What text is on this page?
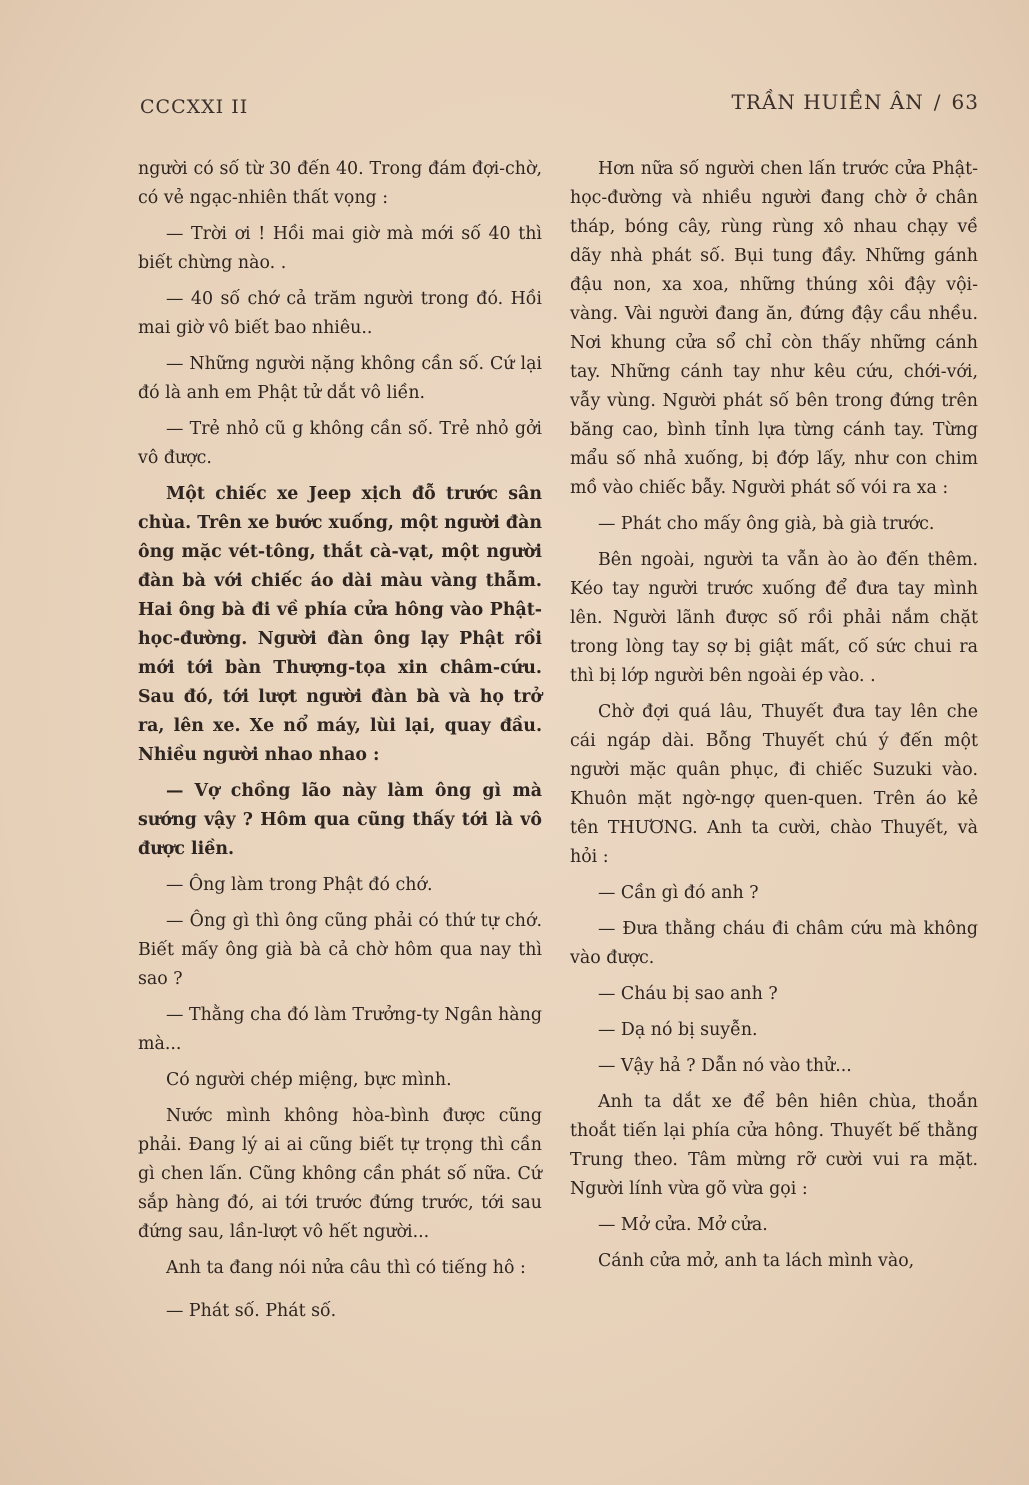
CCCXXI II	TRẦN HUIỀN ÂN / 63

người có số từ 30 đến 40. Trong đám đợi-chờ, có vẻ ngạc-nhiên thất vọng :

— Trời ơi ! Hồi mai giờ mà mới số 40 thì biết chừng nào. .

— 40 số chớ cả trăm người trong đó. Hồi mai giờ vô biết bao nhiêu..

— Những người nặng không cần số. Cứ lại đó là anh em Phật tử dắt vô liền.

— Trẻ nhỏ cũ g không cần số. Trẻ nhỏ gởi vô được.

Một chiếc xe Jeep xịch đỗ trước sân chùa. Trên xe bước xuống, một người đàn ông mặc vét-tông, thắt cà-vạt, một người đàn bà với chiếc áo dài màu vàng thẫm. Hai ông bà đi về phía cửa hông vào Phật-học-đường. Người đàn ông lạy Phật rồi mới tới bàn Thượng-tọa xin châm-cứu. Sau đó, tới lượt người đàn bà và họ trở ra, lên xe. Xe nổ máy, lùi lại, quay đầu. Nhiều người nhao nhao :

— Vợ chồng lão này làm ông gì mà sướng vậy ? Hôm qua cũng thấy tới là vô được liền.

— Ông làm trong Phật đó chớ.

— Ông gì thì ông cũng phải có thứ tự chớ. Biết mấy ông già bà cả chờ hôm qua nay thì sao ?

— Thằng cha đó làm Trưởng-ty Ngân hàng mà...

Có người chép miệng, bực mình.

Nước mình không hòa-bình được cũng phải. Đang lý ai ai cũng biết tự trọng thì cần gì chen lấn. Cũng không cần phát số nữa. Cứ sắp hàng đó, ai tới trước đứng trước, tới sau đứng sau, lần-lượt vô hết người...

Anh ta đang nói nửa câu thì có tiếng hô :

— Phát số. Phát số.

Hơn nữa số người chen lấn trước cửa Phật-học-đường và nhiều người đang chờ ở chân tháp, bóng cây, rùng rùng xô nhau chạy về dãy nhà phát số. Bụi tung đầy. Những gánh đậu non, xa xoa, những thúng xôi đậy vội-vàng. Vài người đang ăn, đứng đậy cầu nhều. Nơi khung cửa sổ chỉ còn thấy những cánh tay. Những cánh tay như kêu cứu, chới-với, vẫy vùng. Người phát số bên trong đứng trên băng cao, bình tỉnh lựa từng cánh tay. Từng mẩu số nhả xuống, bị đớp lấy, như con chim mồ vào chiếc bẫy. Người phát số vói ra xa :

— Phát cho mấy ông già, bà già trước.

Bên ngoài, người ta vẫn ào ào đến thêm. Kéo tay người trước xuống để đưa tay mình lên. Người lãnh được số rồi phải nắm chặt trong lòng tay sợ bị giật mất, cố sức chui ra thì bị lớp người bên ngoài ép vào. .

Chờ đợi quá lâu, Thuyết đưa tay lên che cái ngáp dài. Bỗng Thuyết chú ý đến một người mặc quân phục, đi chiếc Suzuki vào. Khuôn mặt ngờ-ngợ quen-quen. Trên áo kẻ tên THƯƠNG. Anh ta cười, chào Thuyết, và hỏi :

— Cần gì đó anh ?

— Đưa thằng cháu đi châm cứu mà không vào được.

— Cháu bị sao anh ?

— Dạ nó bị suyễn.

— Vậy hả ? Dẫn nó vào thử...

Anh ta dắt xe để bên hiên chùa, thoắn thoắt tiến lại phía cửa hông. Thuyết bế thằng Trung theo. Tâm mừng rỡ cười vui ra mặt. Người lính vừa gõ vừa gọi :

— Mở cửa. Mở cửa.

Cánh cửa mở, anh ta lách mình vào,
